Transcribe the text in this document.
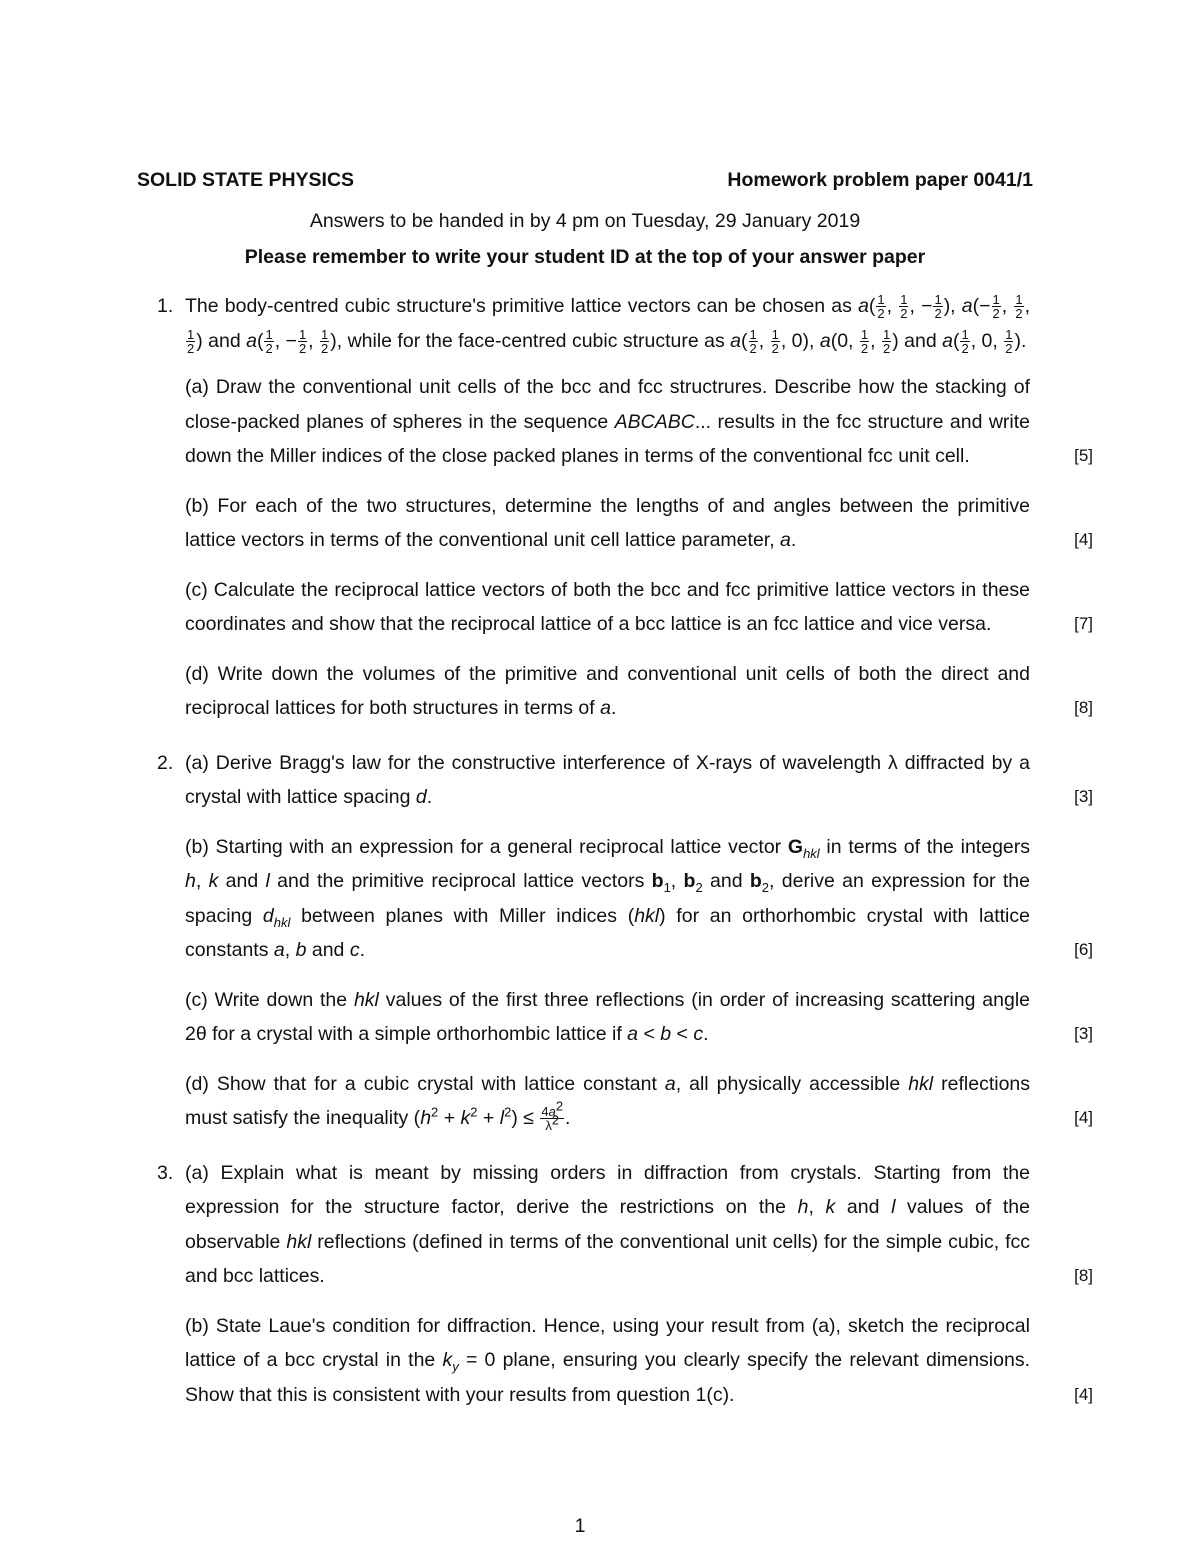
SOLID STATE PHYSICS	Homework problem paper 0041/1
Answers to be handed in by 4 pm on Tuesday, 29 January 2019
Please remember to write your student ID at the top of your answer paper
1. The body-centred cubic structure's primitive lattice vectors can be chosen as $a( \frac{1}{2}$ , $\frac{1}{2}$ , − $\frac{1}{2}$ ), $a(- \frac{1}{2}$ , $\frac{1}{2}$ ,
$\frac{1}{2}$ ) and $a( \frac{1}{2}$ , − $\frac{1}{2}$ , $\frac{1}{2}$ ), while for the face-centred cubic structure as $a( \frac{1}{2}$ , $\frac{1}{2}$ , 0), a(0, $\frac{1}{2}$ , $\frac{1}{2}$ ) and $a( \frac{1}{2}$ , 0, $\frac{1}{2}$ ).
(a) Draw the conventional unit cells of the bcc and fcc structrures. Describe how the stacking of close-packed planes of spheres in the sequence ABCABC... results in the fcc structure and write down the Miller indices of the close packed planes in terms of the conventional fcc unit cell.	[5]
(b) For each of the two structures, determine the lengths of and angles between the primitive lattice vectors in terms of the conventional unit cell lattice parameter, a.	[4]
(c) Calculate the reciprocal lattice vectors of both the bcc and fcc primitive lattice vectors in these coordinates and show that the reciprocal lattice of a bcc lattice is an fcc lattice and vice versa.	[7]
(d) Write down the volumes of the primitive and conventional unit cells of both the direct and reciprocal lattices for both structures in terms of a.	[8]
2. (a) Derive Bragg's law for the constructive interference of X-rays of wavelength λ diffracted by a crystal with lattice spacing d.	[3]
(b) Starting with an expression for a general reciprocal lattice vector $G_{hkl}$ in terms of the integers h, k and l and the primitive reciprocal lattice vectors $b_1$, $b_2$ and $b_2$, derive an expression for the spacing $d_{hkl}$ between planes with Miller indices (hkl) for an orthorhombic crystal with lattice constants a, b and c.	[6]
(c) Write down the hkl values of the first three reflections (in order of increasing scattering angle 2θ for a crystal with a simple orthorhombic lattice if a < b < c.	[3]
(d) Show that for a cubic crystal with lattice constant a, all physically accessible hkl reflections must satisfy the inequality $(h^2 + k^2 + l^2) \le \frac{4a^2}{\lambda^2}$ .	[4]
3. (a) Explain what is meant by missing orders in diffraction from crystals. Starting from the expression for the structure factor, derive the restrictions on the h, k and l values of the observable hkl reflections (defined in terms of the conventional unit cells) for the simple cubic, fcc and bcc lattices.	[8]
(b) State Laue's condition for diffraction. Hence, using your result from (a), sketch the reciprocal lattice of a bcc crystal in the $k_y = 0$ plane, ensuring you clearly specify the relevant dimensions. Show that this is consistent with your results from question 1(c).	[4]
1
